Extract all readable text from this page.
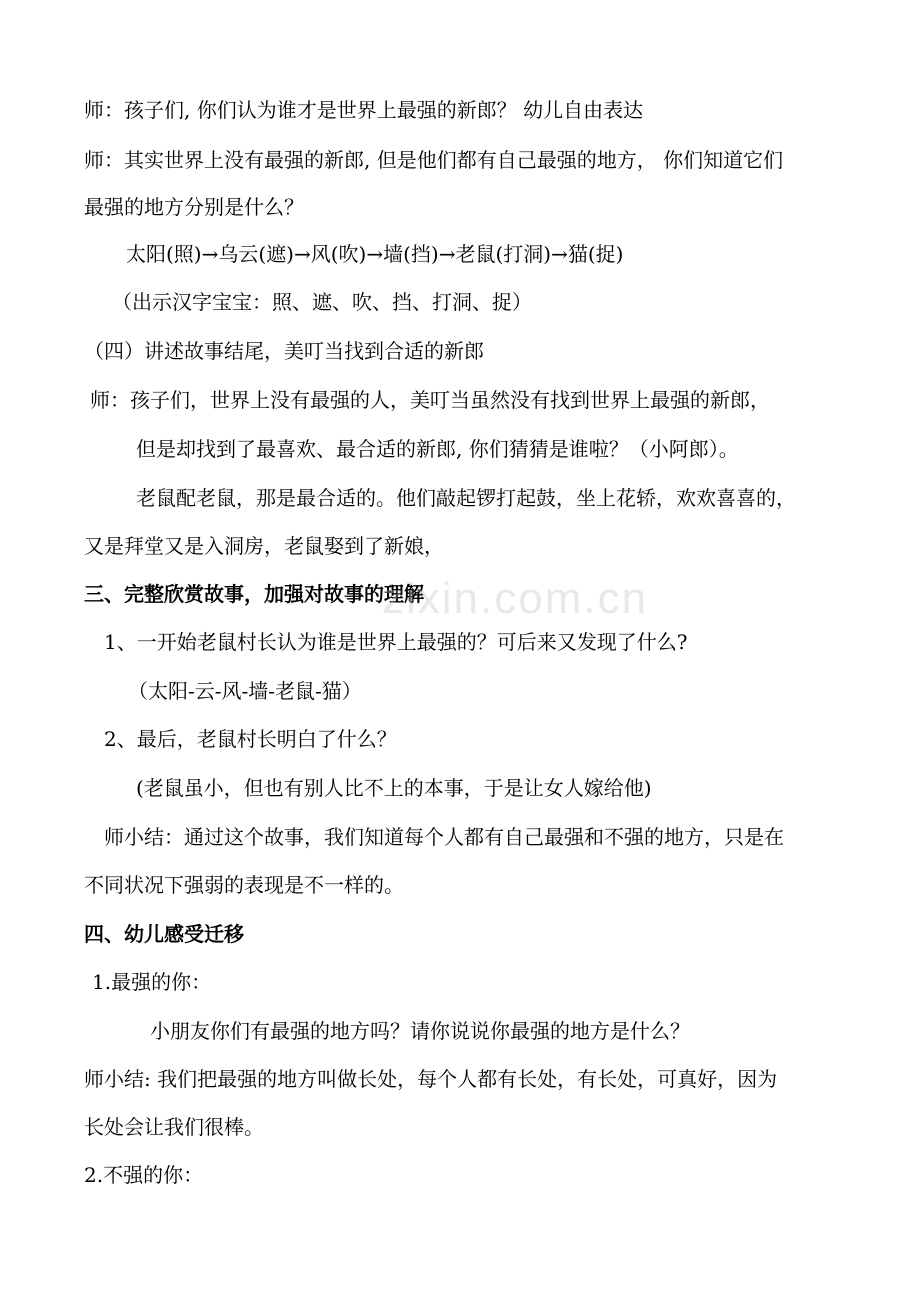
师：孩子们, 你们认为谁才是世界上最强的新郎？ 幼儿自由表达
师：其实世界上没有最强的新郎, 但是他们都有自己最强的地方， 你们知道它们
最强的地方分别是什么？
太阳(照)→乌云(遮)→风(吹)→墙(挡)→老鼠(打洞)→猫(捉)
（出示汉字宝宝：照、遮、吹、挡、打洞、捉）
（四）讲述故事结尾，美叮当找到合适的新郎
师：孩子们，世界上没有最强的人，美叮当虽然没有找到世界上最强的新郎，
但是却找到了最喜欢、最合适的新郎, 你们猜猜是谁啦？（小阿郎）。
老鼠配老鼠，那是最合适的。他们敲起锣打起鼓，坐上花轿，欢欢喜喜的，
又是拜堂又是入洞房，老鼠娶到了新娘，
三、完整欣赏故事，加强对故事的理解
zixin.com.cn
1、一开始老鼠村长认为谁是世界上最强的？可后来又发现了什么?
（太阳-云-风-墙-老鼠-猫）
2、最后，老鼠村长明白了什么？
(老鼠虽小，但也有别人比不上的本事，于是让女人嫁给他)
师小结：通过这个故事，我们知道每个人都有自己最强和不强的地方，只是在
不同状况下强弱的表现是不一样的。
四、幼儿感受迁移
1.最强的你：
小朋友你们有最强的地方吗？请你说说你最强的地方是什么？
师小结: 我们把最强的地方叫做长处，每个人都有长处，有长处，可真好，因为
长处会让我们很棒。
2.不强的你：
